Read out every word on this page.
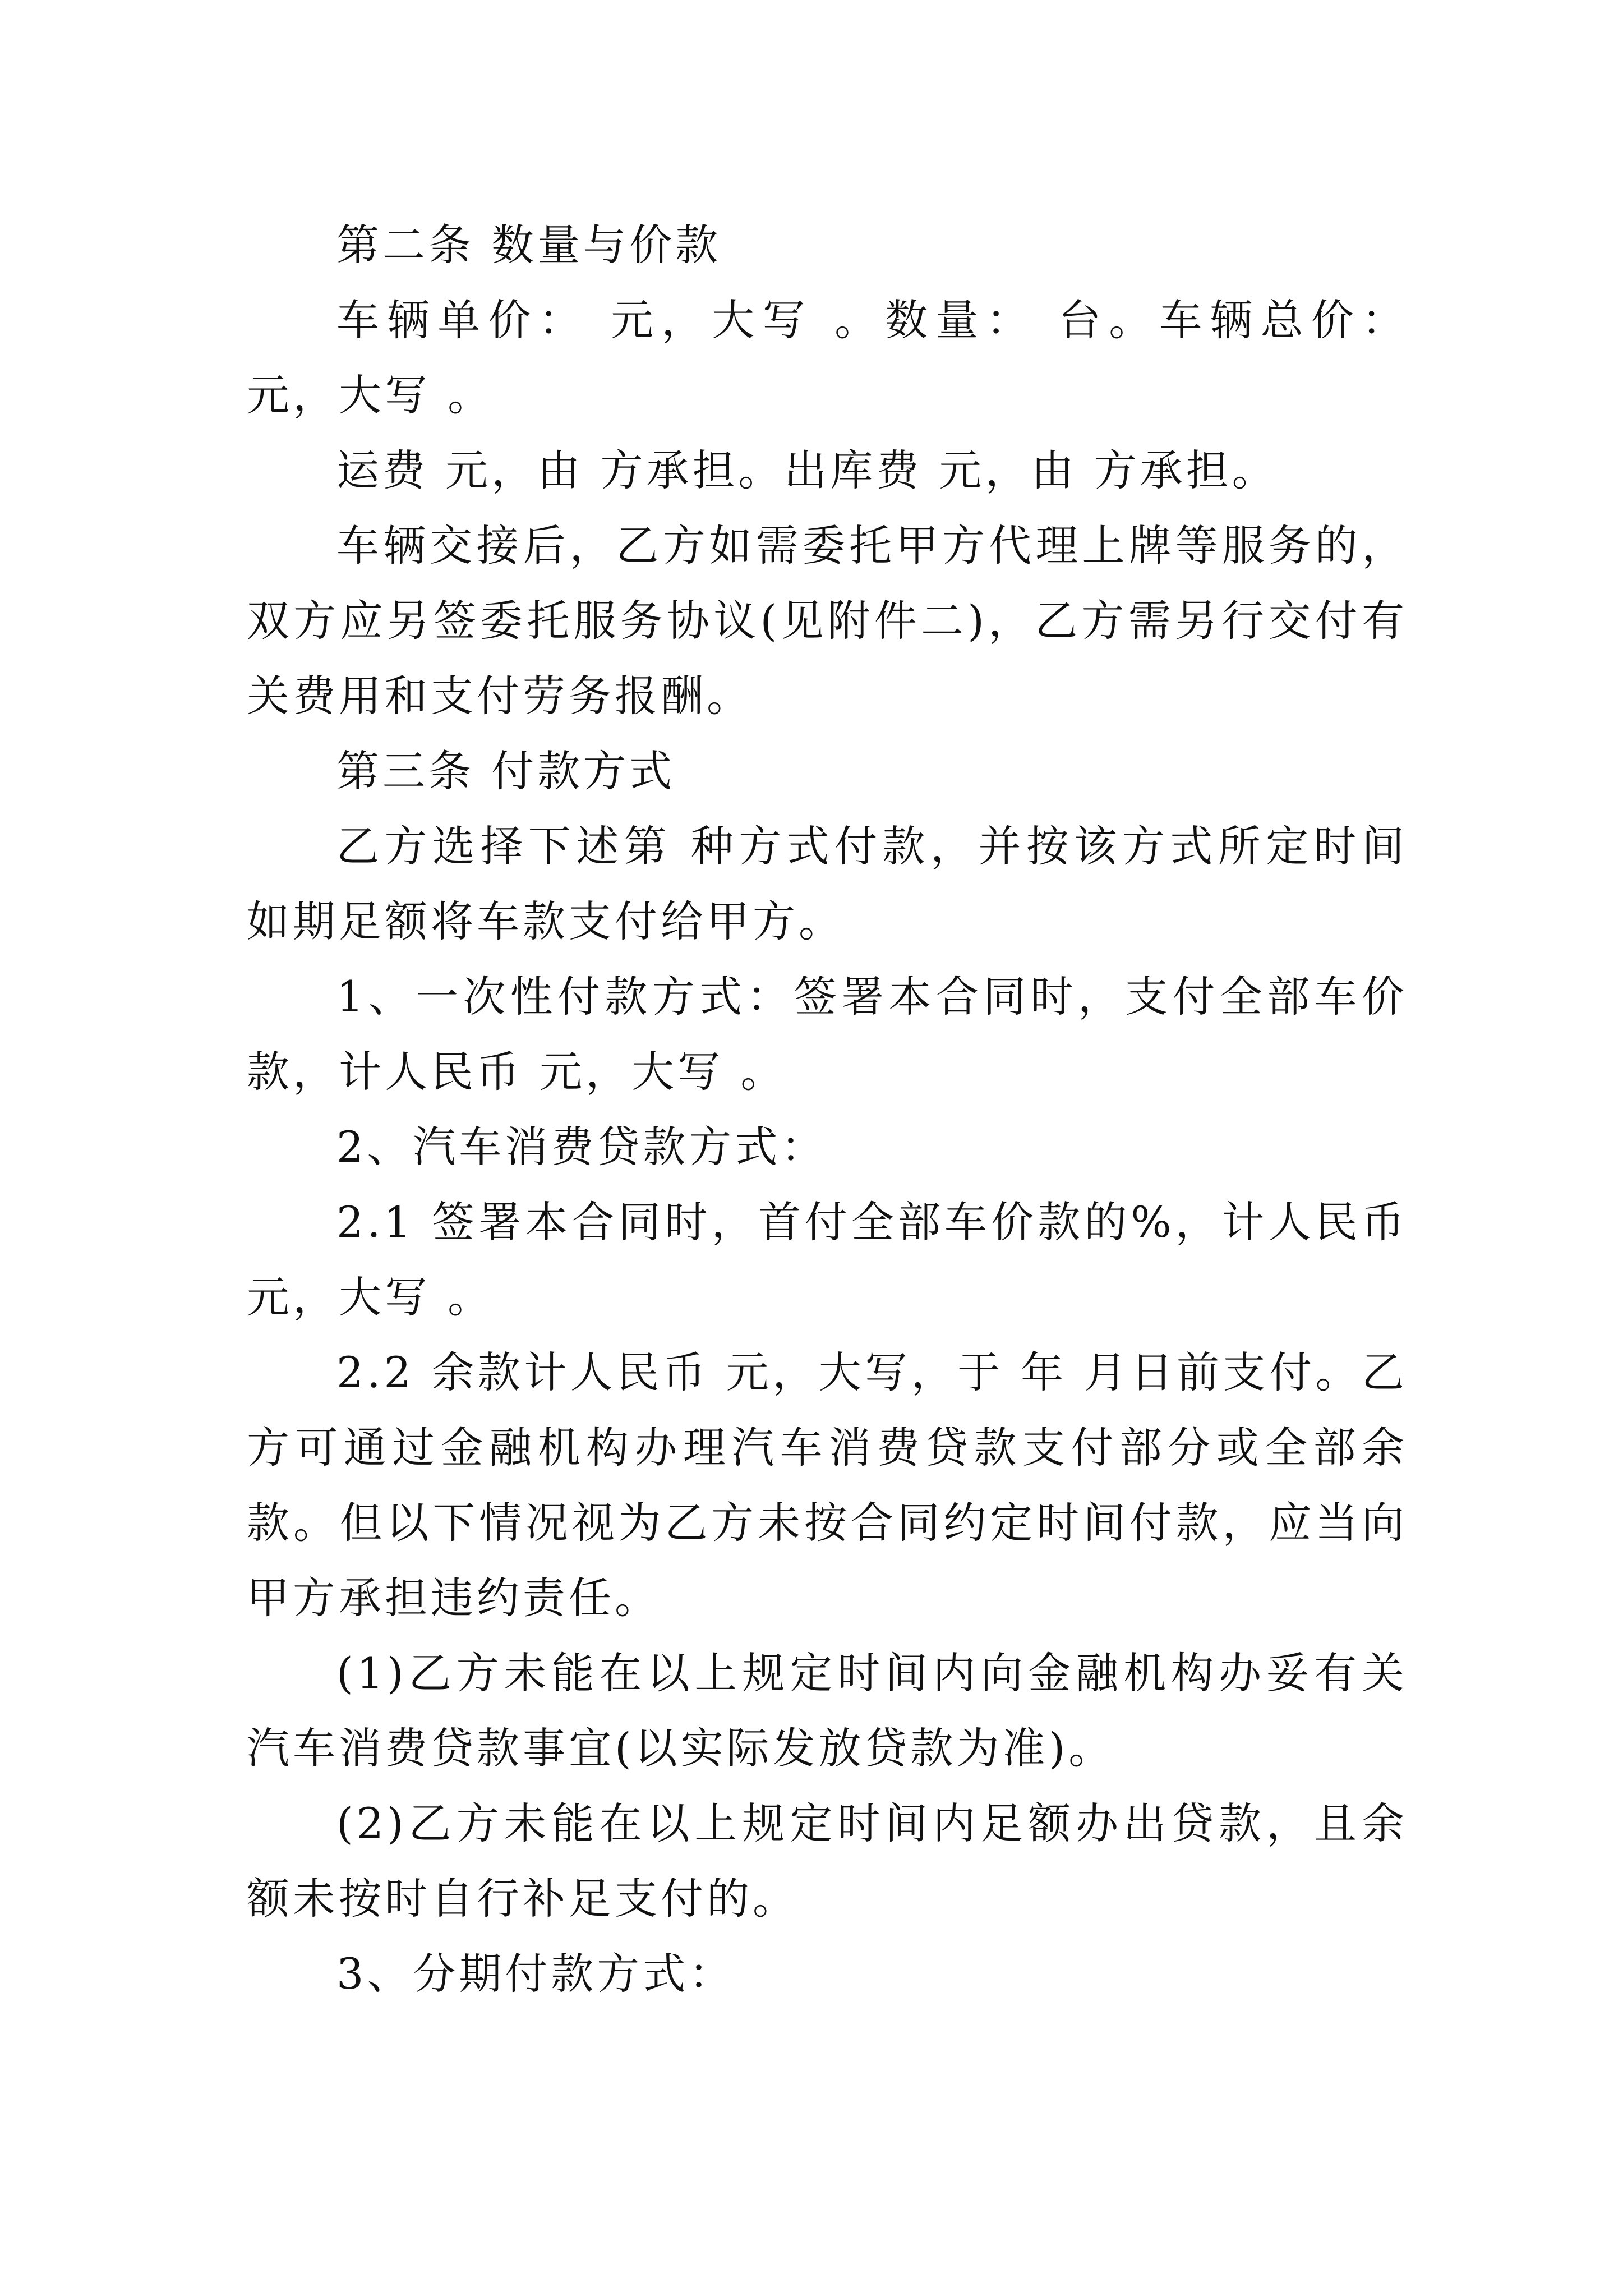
第二条 数量与价款

车辆单价： 元，大写 。数量： 台。车辆总价： 元，大写 。

运费 元，由 方承担。出库费 元，由 方承担。

车辆交接后，乙方如需委托甲方代理上牌等服务的，双方应另签委托服务协议(见附件二)，乙方需另行交付有关费用和支付劳务报酬。

第三条 付款方式

乙方选择下述第 种方式付款，并按该方式所定时间如期足额将车款支付给甲方。

1、一次性付款方式：签署本合同时，支付全部车价款，计人民币 元，大写 。

2、汽车消费贷款方式：

2.1 签署本合同时，首付全部车价款的%，计人民币 元，大写 。

2.2 余款计人民币 元，大写，于 年 月日前支付。乙方可通过金融机构办理汽车消费贷款支付部分或全部余款。但以下情况视为乙方未按合同约定时间付款，应当向甲方承担违约责任。

(1)乙方未能在以上规定时间内向金融机构办妥有关汽车消费贷款事宜(以实际发放贷款为准)。

(2)乙方未能在以上规定时间内足额办出贷款，且余额未按时自行补足支付的。

3、分期付款方式：
